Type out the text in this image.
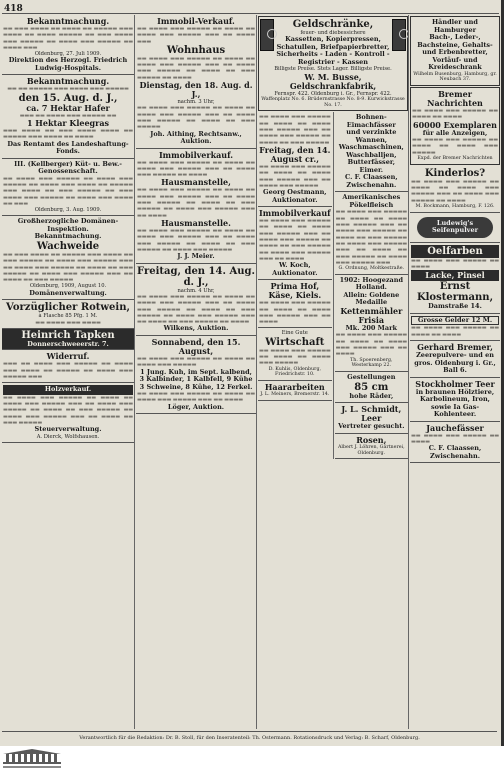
418

Bekanntmachung.

▬▬ ▬▬▬ ▬▬▬▬ ▬▬ ▬▬▬▬ ▬▬ ▬▬▬▬▬ ▬▬▬ ▬▬▬▬ ▬▬ ▬▬▬▬ ▬▬▬▬▬ ▬▬ ▬▬▬ ▬▬▬▬ ▬▬▬ ▬▬▬▬▬ ▬▬ ▬▬▬▬ ▬▬▬ ▬▬▬▬▬ ▬▬ ▬▬▬▬ ▬▬▬

Oldenburg, 27. Juli 1909.

Direktion des Herzogl. Friedrich Ludwig-Hospitals.

Bekanntmachung.

▬▬ ▬▬ ▬▬▬▬▬ ▬▬▬ ▬▬▬▬ ▬▬▬ ▬▬▬▬▬

den 15. Aug. d. J.,

ca. 7 Hektar Hafer

▬▬▬ ▬▬ ▬▬▬▬ ▬▬▬ ▬▬▬▬▬ ▬▬

1 Hektar Kleegras

▬▬▬ ▬▬▬▬ ▬▬ ▬▬▬ ▬▬▬▬ ▬▬▬▬ ▬▬ ▬▬▬▬▬ ▬▬▬ ▬▬▬▬ ▬▬ ▬▬▬▬

Das Rentamt des Landeshaftung-Fonds.

III. (Kellberger) Küt- u. Bew.-Genossenschaft.

▬▬ ▬▬▬▬ ▬▬▬ ▬▬▬▬▬ ▬▬ ▬▬▬▬ ▬▬▬ ▬▬▬▬▬ ▬▬ ▬▬▬▬ ▬▬▬ ▬▬▬▬ ▬▬ ▬▬▬▬▬ ▬▬▬ ▬▬▬▬ ▬▬ ▬▬▬ ▬▬▬▬▬ ▬▬ ▬▬▬ ▬▬▬▬ ▬▬▬ ▬▬▬▬▬ ▬▬ ▬▬▬▬ ▬▬▬ ▬▬▬▬ ▬▬ ▬▬▬

Oldenburg, 3. Aug. 1909.

Großherzogliche Domänen-Inspektion.

Bekanntmachung.

Wachweide

▬▬ ▬▬▬ ▬▬▬▬ ▬▬ ▬▬▬▬▬ ▬▬▬ ▬▬▬▬ ▬▬ ▬▬▬ ▬▬▬▬▬ ▬▬ ▬▬▬▬ ▬▬▬ ▬▬▬▬▬ ▬▬▬ ▬▬ ▬▬▬▬ ▬▬▬ ▬▬▬▬▬ ▬▬ ▬▬▬▬ ▬▬ ▬▬▬ ▬▬▬▬▬ ▬▬ ▬▬▬▬ ▬▬▬ ▬▬▬▬▬ ▬▬▬ ▬▬ ▬▬▬▬ ▬▬ ▬▬▬ ▬▬▬▬▬

Oldenburg, 1909, August 10.

Domänenverwaltung.

Vorzüglicher Rotwein,

à Flasche 85 Pfg. 1 M.

▬▬ ▬▬▬▬ ▬▬▬ ▬▬▬▬

Heinrich Tapken

Donnerschweeerstr. 7.

Widerruf.

▬▬▬ ▬▬ ▬▬▬▬ ▬▬▬ ▬▬▬▬▬ ▬▬ ▬▬▬▬ ▬▬▬ ▬▬▬▬ ▬▬ ▬▬▬▬▬ ▬▬ ▬▬▬▬ ▬▬▬ ▬▬▬▬▬ ▬▬▬

Holzverkauf.

▬▬ ▬▬▬▬ ▬▬▬ ▬▬▬▬▬ ▬▬ ▬▬▬▬ ▬▬ ▬▬▬▬ ▬▬▬ ▬▬▬▬▬ ▬▬▬ ▬▬ ▬▬▬▬ ▬▬▬ ▬▬▬▬▬ ▬▬ ▬▬▬▬ ▬▬ ▬▬▬ ▬▬▬▬▬ ▬▬ ▬▬▬▬ ▬▬▬ ▬▬▬▬▬ ▬▬▬ ▬▬ ▬▬▬▬ ▬▬ ▬▬▬ ▬▬▬▬▬

Steuerverwaltung.

A. Dierck, Wolfshausen.

Immobil-Verkauf.

▬▬ ▬▬▬▬ ▬▬▬ ▬▬▬▬▬ ▬▬ ▬▬▬▬ ▬▬ ▬▬▬▬ ▬▬▬ ▬▬▬▬▬ ▬▬▬ ▬▬ ▬▬▬▬ ▬▬▬

Wohnhaus

▬▬ ▬▬▬▬ ▬▬▬ ▬▬▬▬▬ ▬▬ ▬▬▬▬ ▬▬ ▬▬▬▬ ▬▬▬ ▬▬▬▬▬ ▬▬▬ ▬▬ ▬▬▬▬ ▬▬▬ ▬▬▬▬▬ ▬▬ ▬▬▬▬ ▬▬ ▬▬▬ ▬▬▬▬▬ ▬▬ ▬▬▬▬

Dienstag, den 18. Aug. d. J.,

nachm. 3 Uhr,

▬▬ ▬▬▬▬ ▬▬▬ ▬▬▬▬▬ ▬▬ ▬▬▬▬ ▬▬ ▬▬▬▬ ▬▬▬ ▬▬▬▬▬ ▬▬▬ ▬▬ ▬▬▬▬ ▬▬▬ ▬▬▬▬▬ ▬▬ ▬▬▬▬ ▬▬ ▬▬▬ ▬▬▬▬▬

Joh. Aithing, Rechtsanw., Auktion.

Immobilverkauf.

▬▬ ▬▬▬▬ ▬▬▬ ▬▬▬▬▬ ▬▬ ▬▬▬▬ ▬▬ ▬▬▬▬ ▬▬▬ ▬▬▬▬▬ ▬▬▬ ▬▬ ▬▬▬▬ ▬▬▬ ▬▬▬▬▬ ▬▬ ▬▬▬▬

Hausmanstelle,

▬▬ ▬▬▬▬ ▬▬▬ ▬▬▬▬▬ ▬▬ ▬▬▬▬ ▬▬ ▬▬▬▬ ▬▬▬ ▬▬▬▬▬ ▬▬▬ ▬▬ ▬▬▬▬ ▬▬▬ ▬▬▬▬▬ ▬▬ ▬▬▬▬ ▬▬ ▬▬▬ ▬▬▬▬▬ ▬▬ ▬▬▬▬ ▬▬▬ ▬▬▬▬▬ ▬▬▬ ▬▬ ▬▬▬▬

Hausmanstelle.

▬▬ ▬▬▬▬ ▬▬▬ ▬▬▬▬▬ ▬▬ ▬▬▬▬ ▬▬ ▬▬▬▬ ▬▬▬ ▬▬▬▬▬ ▬▬▬ ▬▬ ▬▬▬▬ ▬▬▬ ▬▬▬▬▬ ▬▬ ▬▬▬▬ ▬▬ ▬▬▬ ▬▬▬▬▬ ▬▬ ▬▬▬▬ ▬▬▬ ▬▬▬▬▬

J. J. Meier.

Freitag, den 14. Aug. d. J.,

nachm. 4 Uhr,

▬▬ ▬▬▬▬ ▬▬▬ ▬▬▬▬▬ ▬▬ ▬▬▬▬ ▬▬ ▬▬▬▬ ▬▬▬ ▬▬▬▬▬ ▬▬▬ ▬▬ ▬▬▬▬ ▬▬▬ ▬▬▬▬▬ ▬▬ ▬▬▬▬ ▬▬ ▬▬▬ ▬▬▬▬▬ ▬▬ ▬▬▬▬ ▬▬▬ ▬▬▬▬▬ ▬▬▬ ▬▬ ▬▬▬▬ ▬▬ ▬▬▬ ▬▬▬▬▬ ▬▬ ▬▬▬▬

Wilkens, Auktion.

Sonnabend, den 15. August,

▬▬ ▬▬▬▬ ▬▬▬ ▬▬▬▬▬ ▬▬ ▬▬▬▬ ▬▬ ▬▬▬▬ ▬▬▬ ▬▬▬▬▬

1 Jung. Kuh, im Sept. kalbend, 3 Kalbinder, 1 Kalbfell, 9 Kühe

3 Schweine, 8 Kühe, 12 Ferkel.

▬▬ ▬▬▬▬ ▬▬▬ ▬▬▬▬▬ ▬▬ ▬▬▬▬ ▬▬ ▬▬▬▬ ▬▬▬ ▬▬▬▬▬ ▬▬▬ ▬▬ ▬▬▬▬

Löger, Auktion.

Geldschränke,

feuer- und diebessichere

Kassetten, Kopierpressen, Schatullen, Briefpapierbretter,

Sicherheits - Laden - Kontroll - Registrier - Kassen

Billigste Preise. Stets Lager. Billigste Preise.

W. M. Busse, Geldschrankfabrik,

Fernspr. 422. Oldenburg i. Gr., Fernspr. 422.

Waffenplatz No. 6. Brüdernstrasse No. 8-9. Kurwickstrasse No. 17.

▬▬ ▬▬▬▬ ▬▬▬ ▬▬▬▬▬ ▬▬ ▬▬▬▬ ▬▬ ▬▬▬▬ ▬▬▬ ▬▬▬▬▬ ▬▬▬ ▬▬ ▬▬▬▬ ▬▬▬ ▬▬▬▬▬ ▬▬ ▬▬▬▬ ▬▬ ▬▬▬ ▬▬▬▬▬

Freitag, den 14. August cr.,

▬▬ ▬▬▬▬ ▬▬▬ ▬▬▬▬▬ ▬▬ ▬▬▬▬ ▬▬ ▬▬▬▬ ▬▬▬ ▬▬▬▬▬ ▬▬▬ ▬▬ ▬▬▬▬ ▬▬▬ ▬▬▬▬▬

Georg Oestmann, Auktionator.

Immobilverkauf

▬▬ ▬▬▬▬ ▬▬▬ ▬▬▬▬▬ ▬▬ ▬▬▬▬ ▬▬ ▬▬▬▬ ▬▬▬ ▬▬▬▬▬ ▬▬▬ ▬▬ ▬▬▬▬ ▬▬▬ ▬▬▬▬▬ ▬▬ ▬▬▬▬ ▬▬ ▬▬▬ ▬▬▬▬▬ ▬▬ ▬▬▬▬ ▬▬▬ ▬▬▬▬▬ ▬▬▬ ▬▬ ▬▬▬▬

W. Koch, Auktionator.

Prima Hof, Käse, Kiels.

▬▬ ▬▬▬▬ ▬▬▬ ▬▬▬▬▬ ▬▬ ▬▬▬▬ ▬▬ ▬▬▬▬ ▬▬▬ ▬▬▬▬▬ ▬▬▬ ▬▬ ▬▬▬▬

Eine Gute

Wirtschaft

▬▬ ▬▬▬▬ ▬▬▬ ▬▬▬▬▬ ▬▬ ▬▬▬▬ ▬▬ ▬▬▬▬ ▬▬▬ ▬▬▬▬▬

D. Kuhlis, Oldenburg, Friedrichstr. 10.

Haararbeiten

J. L. Meiners, Bremerstr. 14.

Bohnen-Eimachfässer

und verzinkte Wannen, Waschmaschinen, Waschballjen, Butterfässer, Eimer.

C. F. Claassen, Zwischenahn.

Amerikanisches Pökelfleisch

▬▬ ▬▬▬▬ ▬▬▬ ▬▬▬▬▬ ▬▬ ▬▬▬▬ ▬▬ ▬▬▬▬ ▬▬▬ ▬▬▬▬▬ ▬▬▬ ▬▬ ▬▬▬▬ ▬▬▬ ▬▬▬▬▬ ▬▬ ▬▬▬▬ ▬▬ ▬▬▬ ▬▬▬▬▬ ▬▬ ▬▬▬▬ ▬▬▬ ▬▬▬▬▬ ▬▬▬ ▬▬ ▬▬▬▬ ▬▬ ▬▬▬ ▬▬▬▬▬ ▬▬ ▬▬▬▬ ▬▬▬ ▬▬▬▬▬ ▬▬▬

G. Ordnung, Moltkestraße.

1902: Hoogezand Holland.

Allein: Goldene Medaille

Kettenmähler Frisia

Mk. 200 Mark

▬▬ ▬▬▬▬ ▬▬▬ ▬▬▬▬▬ ▬▬ ▬▬▬▬ ▬▬ ▬▬▬▬ ▬▬▬ ▬▬▬▬▬ ▬▬▬ ▬▬ ▬▬▬▬

Th. Spoerenberg, Westerkamp 22.

Gestellungen

85 cm

hohe Räder,

J. L. Schmidt, Leer

Vertreter gesucht.

Rosen,

Albert J. Löhren, Gärtnerei, Oldenburg.

Händler und Hamburger

Bach-, Leder-, Bachsteine, Gehalts- und Erbenbretter, Vorläuf- und Kreideschrank

Wilhelm Busenburg, Hamburg, gr. Neubach 37.

Bremer Nachrichten

▬▬ ▬▬▬▬ ▬▬▬ ▬▬▬▬▬ ▬▬ ▬▬▬▬ ▬▬ ▬▬▬▬

60000 Exemplaren

für alle Anzeigen,

▬▬ ▬▬▬▬ ▬▬▬ ▬▬▬▬▬ ▬▬ ▬▬▬▬ ▬▬ ▬▬▬▬ ▬▬▬ ▬▬▬▬▬

Expd. der Bremer Nachrichten

Kinderlos?

▬▬ ▬▬▬▬ ▬▬▬ ▬▬▬▬▬ ▬▬ ▬▬▬▬ ▬▬ ▬▬▬▬ ▬▬▬ ▬▬▬▬▬ ▬▬▬ ▬▬ ▬▬▬▬ ▬▬▬ ▬▬▬▬▬ ▬▬ ▬▬▬▬

M. Bockmann, Hamburg, F. 126.

Ludewig's Seifenpulver

Oelfarben

▬▬ ▬▬▬▬ ▬▬▬ ▬▬▬▬▬ ▬▬ ▬▬▬▬

Lacke, Pinsel

Ernst Klostermann,

Damstraße 14.

Grosse Gelder 12 M.

▬▬ ▬▬▬▬ ▬▬▬ ▬▬▬▬▬ ▬▬ ▬▬▬▬ ▬▬ ▬▬▬▬

Gerhard Bremer,

Zeerepulvere- und en gros. Oldenburg i. Gr., Ball 6.

Stockholmer Teer

in braunen Hölztiere, Karbolineum, Iron, sowie Ia Gas-Kohlenteer.

Jauchefässer

▬▬ ▬▬▬▬ ▬▬▬ ▬▬▬▬▬ ▬▬ ▬▬▬▬

C. F. Claassen, Zwischenahn.

Verantwortlich für die Redaktion: Dr. B. Stoll, für den Inseratenteil: Th. Ostermann. Rotationsdruck und Verlag: B. Scharf, Oldenburg.
